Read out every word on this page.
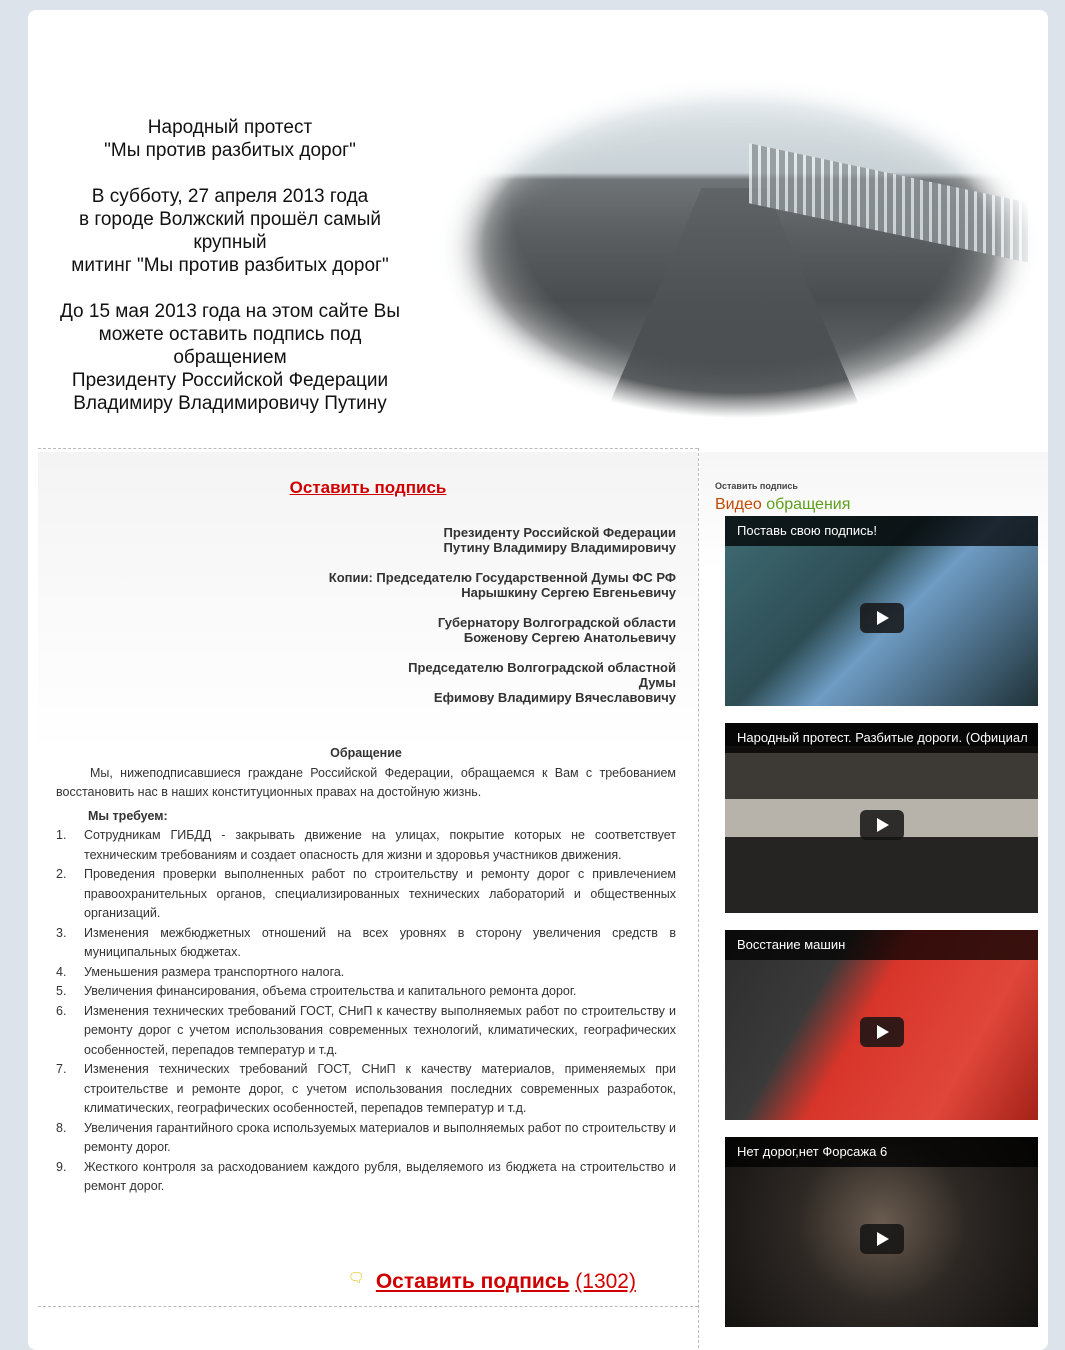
Народный протест
"Мы против разбитых дорог"

В субботу, 27 апреля 2013 года
в городе Волжский прошёл самый крупный
митинг "Мы против разбитых дорог"

До 15 мая 2013 года на этом сайте Вы
можете оставить подпись под обращением
Президенту Российской Федерации
Владимиру Владимировичу Путину

Оставить подпись
Президенту Российской Федерации
Путину Владимиру Владимировичу
Копии: Председателю Государственной Думы ФС РФ
Нарышкину Сергею Евгеньевичу
Губернатору Волгоградской области
Боженову Сергею Анатольевичу
Председателю Волгоградской областной
Думы
Ефимову Владимиру Вячеславовичу
Обращение
Мы, нижеподписавшиеся граждане Российской Федерации, обращаемся к Вам с требованием восстановить нас в наших конституционных правах на достойную жизнь.
Мы требуем:
1.	Сотрудникам ГИБДД - закрывать движение на улицах, покрытие которых не соответствует техническим требованиям и создает опасность для жизни и здоровья участников движения.
2.	Проведения проверки выполненных работ по строительству и ремонту дорог с привлечением правоохранительных органов, специализированных технических лабораторий и общественных организаций.
3.	Изменения межбюджетных отношений на всех уровнях в сторону увеличения средств в муниципальных бюджетах.
4.	Уменьшения размера транспортного налога.
5.	Увеличения финансирования, объема строительства и капитального ремонта дорог.
6.	Изменения технических требований ГОСТ, СНиП к качеству выполняемых работ по строительству и ремонту дорог с учетом использования современных технологий, климатических, географических особенностей, перепадов температур и т.д.
7.	Изменения технических требований ГОСТ, СНиП к качеству материалов, применяемых при строительстве и ремонте дорог, с учетом использования последних современных разработок, климатических, географических особенностей, перепадов температур и т.д.
8.	Увеличения гарантийного срока используемых материалов и выполняемых работ по строительству и ремонту дорог.
9.	Жесткого контроля за расходованием каждого рубля, выделяемого из бюджета на строительство и ремонт дорог.
🗨 Оставить подпись (1302)
Оставить подпись
Видео обращения
Поставь свою подпись!
Народный протест. Разбитые дороги. (Официал
Восстание машин
Нет дорог,нет Форсажа 6
